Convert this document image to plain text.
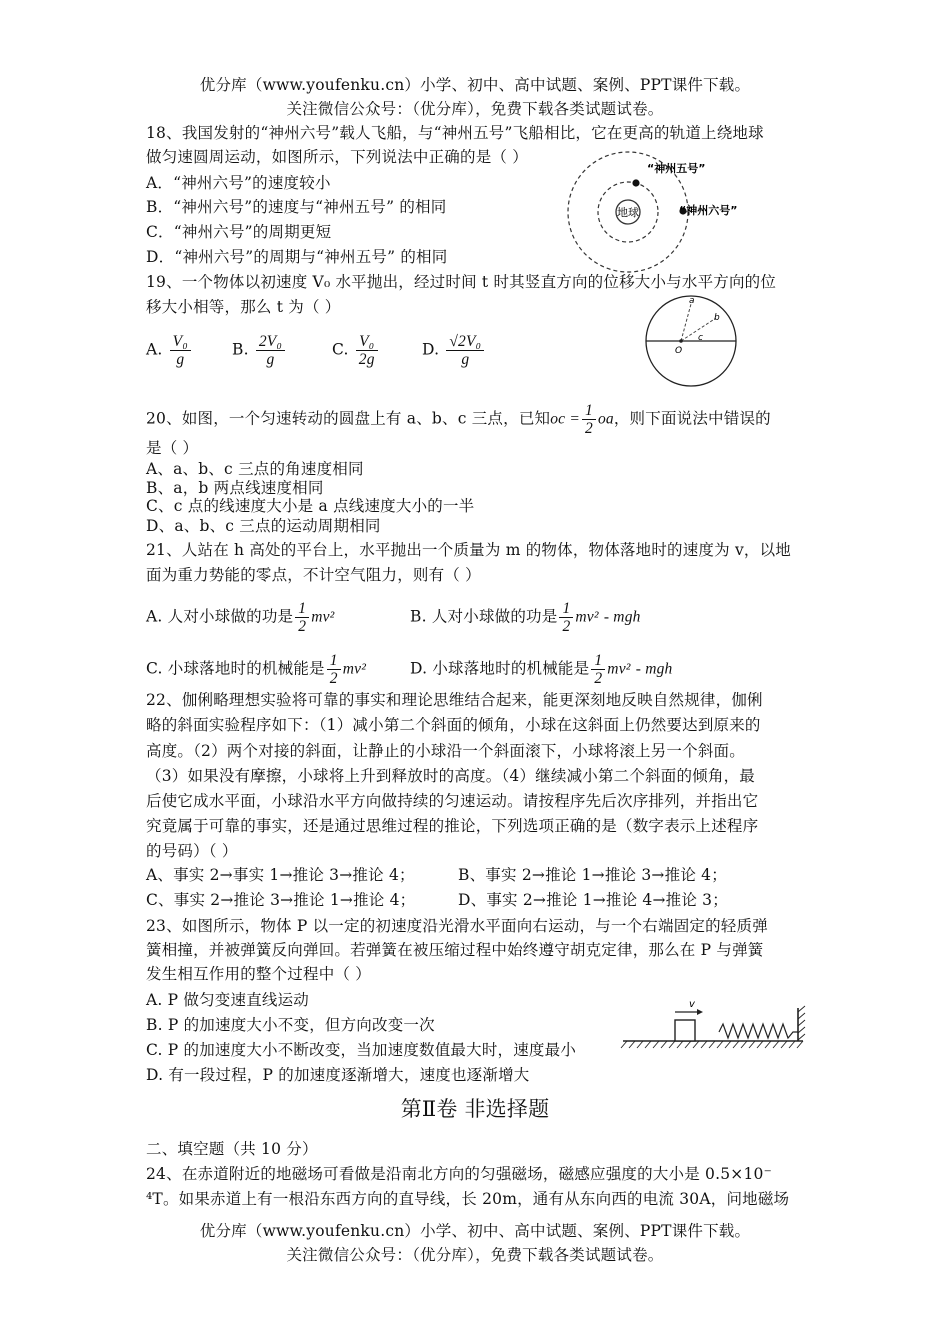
优分库（www.youfenku.cn）小学、初中、高中试题、案例、PPT课件下载。
关注微信公众号：（优分库），免费下载各类试题试卷。
18、我国发射的“神州六号”载人飞船，与“神州五号”飞船相比，它在更高的轨道上绕地球
做匀速圆周运动，如图所示，下列说法中正确的是（ ）
A．“神州六号”的速度较小
B．“神州六号”的速度与“神州五号” 的相同
C．“神州六号”的周期更短
D．“神州六号”的周期与“神州五号” 的相同
地球
“神州五号”
“神州六号”
19、一个物体以初速度 V₀ 水平抛出，经过时间 t 时其竖直方向的位移大小与水平方向的位
移大小相等，那么 t 为（ ）
A. $\frac{\text{V₀}}{g}$	B. $\frac{\text{2V₀}}{g}$	C. $\frac{\text{V₀}}{2g}$	D. $\frac{\text{√2V₀}}{g}$
a
b
O
c
20、如图，一个匀速转动的圆盘上有 a、b、c 三点，已知oc = $\frac{1}{2}$ oa，则下面说法中错误的
是（ ）
A、a、b、c 三点的角速度相同
B、a，b 两点线速度相同
C、c 点的线速度大小是 a 点线速度大小的一半
D、a、b、c 三点的运动周期相同
21、人站在 h 高处的平台上，水平抛出一个质量为 m 的物体，物体落地时的速度为 v，以地
面为重力势能的零点，不计空气阻力，则有（ ）
A. 人对小球做的功是 $\frac{1}{2} mv^2$	B. 人对小球做的功是 $\frac{1}{2} mv^2$ - mgh
C. 小球落地时的机械能是 $\frac{1}{2} mv^2$	D. 小球落地时的机械能是 $\frac{1}{2} mv^2$ - mgh
22、伽俐略理想实验将可靠的事实和理论思维结合起来，能更深刻地反映自然规律，伽俐
略的斜面实验程序如下：（1）减小第二个斜面的倾角，小球在这斜面上仍然要达到原来的
高度。（2）两个对接的斜面，让静止的小球沿一个斜面滚下，小球将滚上另一个斜面。
（3）如果没有摩擦，小球将上升到释放时的高度。（4）继续减小第二个斜面的倾角，最
后使它成水平面，小球沿水平方向做持续的匀速运动。请按程序先后次序排列，并指出它
究竟属于可靠的事实，还是通过思维过程的推论，下列选项正确的是（数字表示上述程序
的号码）（ ）
A、事实 2→事实 1→推论 3→推论 4；	B、事实 2→推论 1→推论 3→推论 4；
C、事实 2→推论 3→推论 1→推论 4；	D、事实 2→推论 1→推论 4→推论 3；
23、如图所示，物体 P 以一定的初速度沿光滑水平面向右运动，与一个右端固定的轻质弹
簧相撞，并被弹簧反向弹回。若弹簧在被压缩过程中始终遵守胡克定律，那么在 P 与弹簧
发生相互作用的整个过程中（ ）
A. P 做匀变速直线运动
B. P 的加速度大小不变，但方向改变一次
C. P 的加速度大小不断改变，当加速度数值最大时，速度最小
D. 有一段过程，P 的加速度逐渐增大，速度也逐渐增大
v
第Ⅱ卷 非选择题
二、填空题（共 10 分）
24、在赤道附近的地磁场可看做是沿南北方向的匀强磁场，磁感应强度的大小是 0.5×10⁻
⁴T。如果赤道上有一根沿东西方向的直导线，长 20m，通有从东向西的电流 30A，问地磁场
优分库（www.youfenku.cn）小学、初中、高中试题、案例、PPT课件下载。
关注微信公众号：（优分库），免费下载各类试题试卷。
